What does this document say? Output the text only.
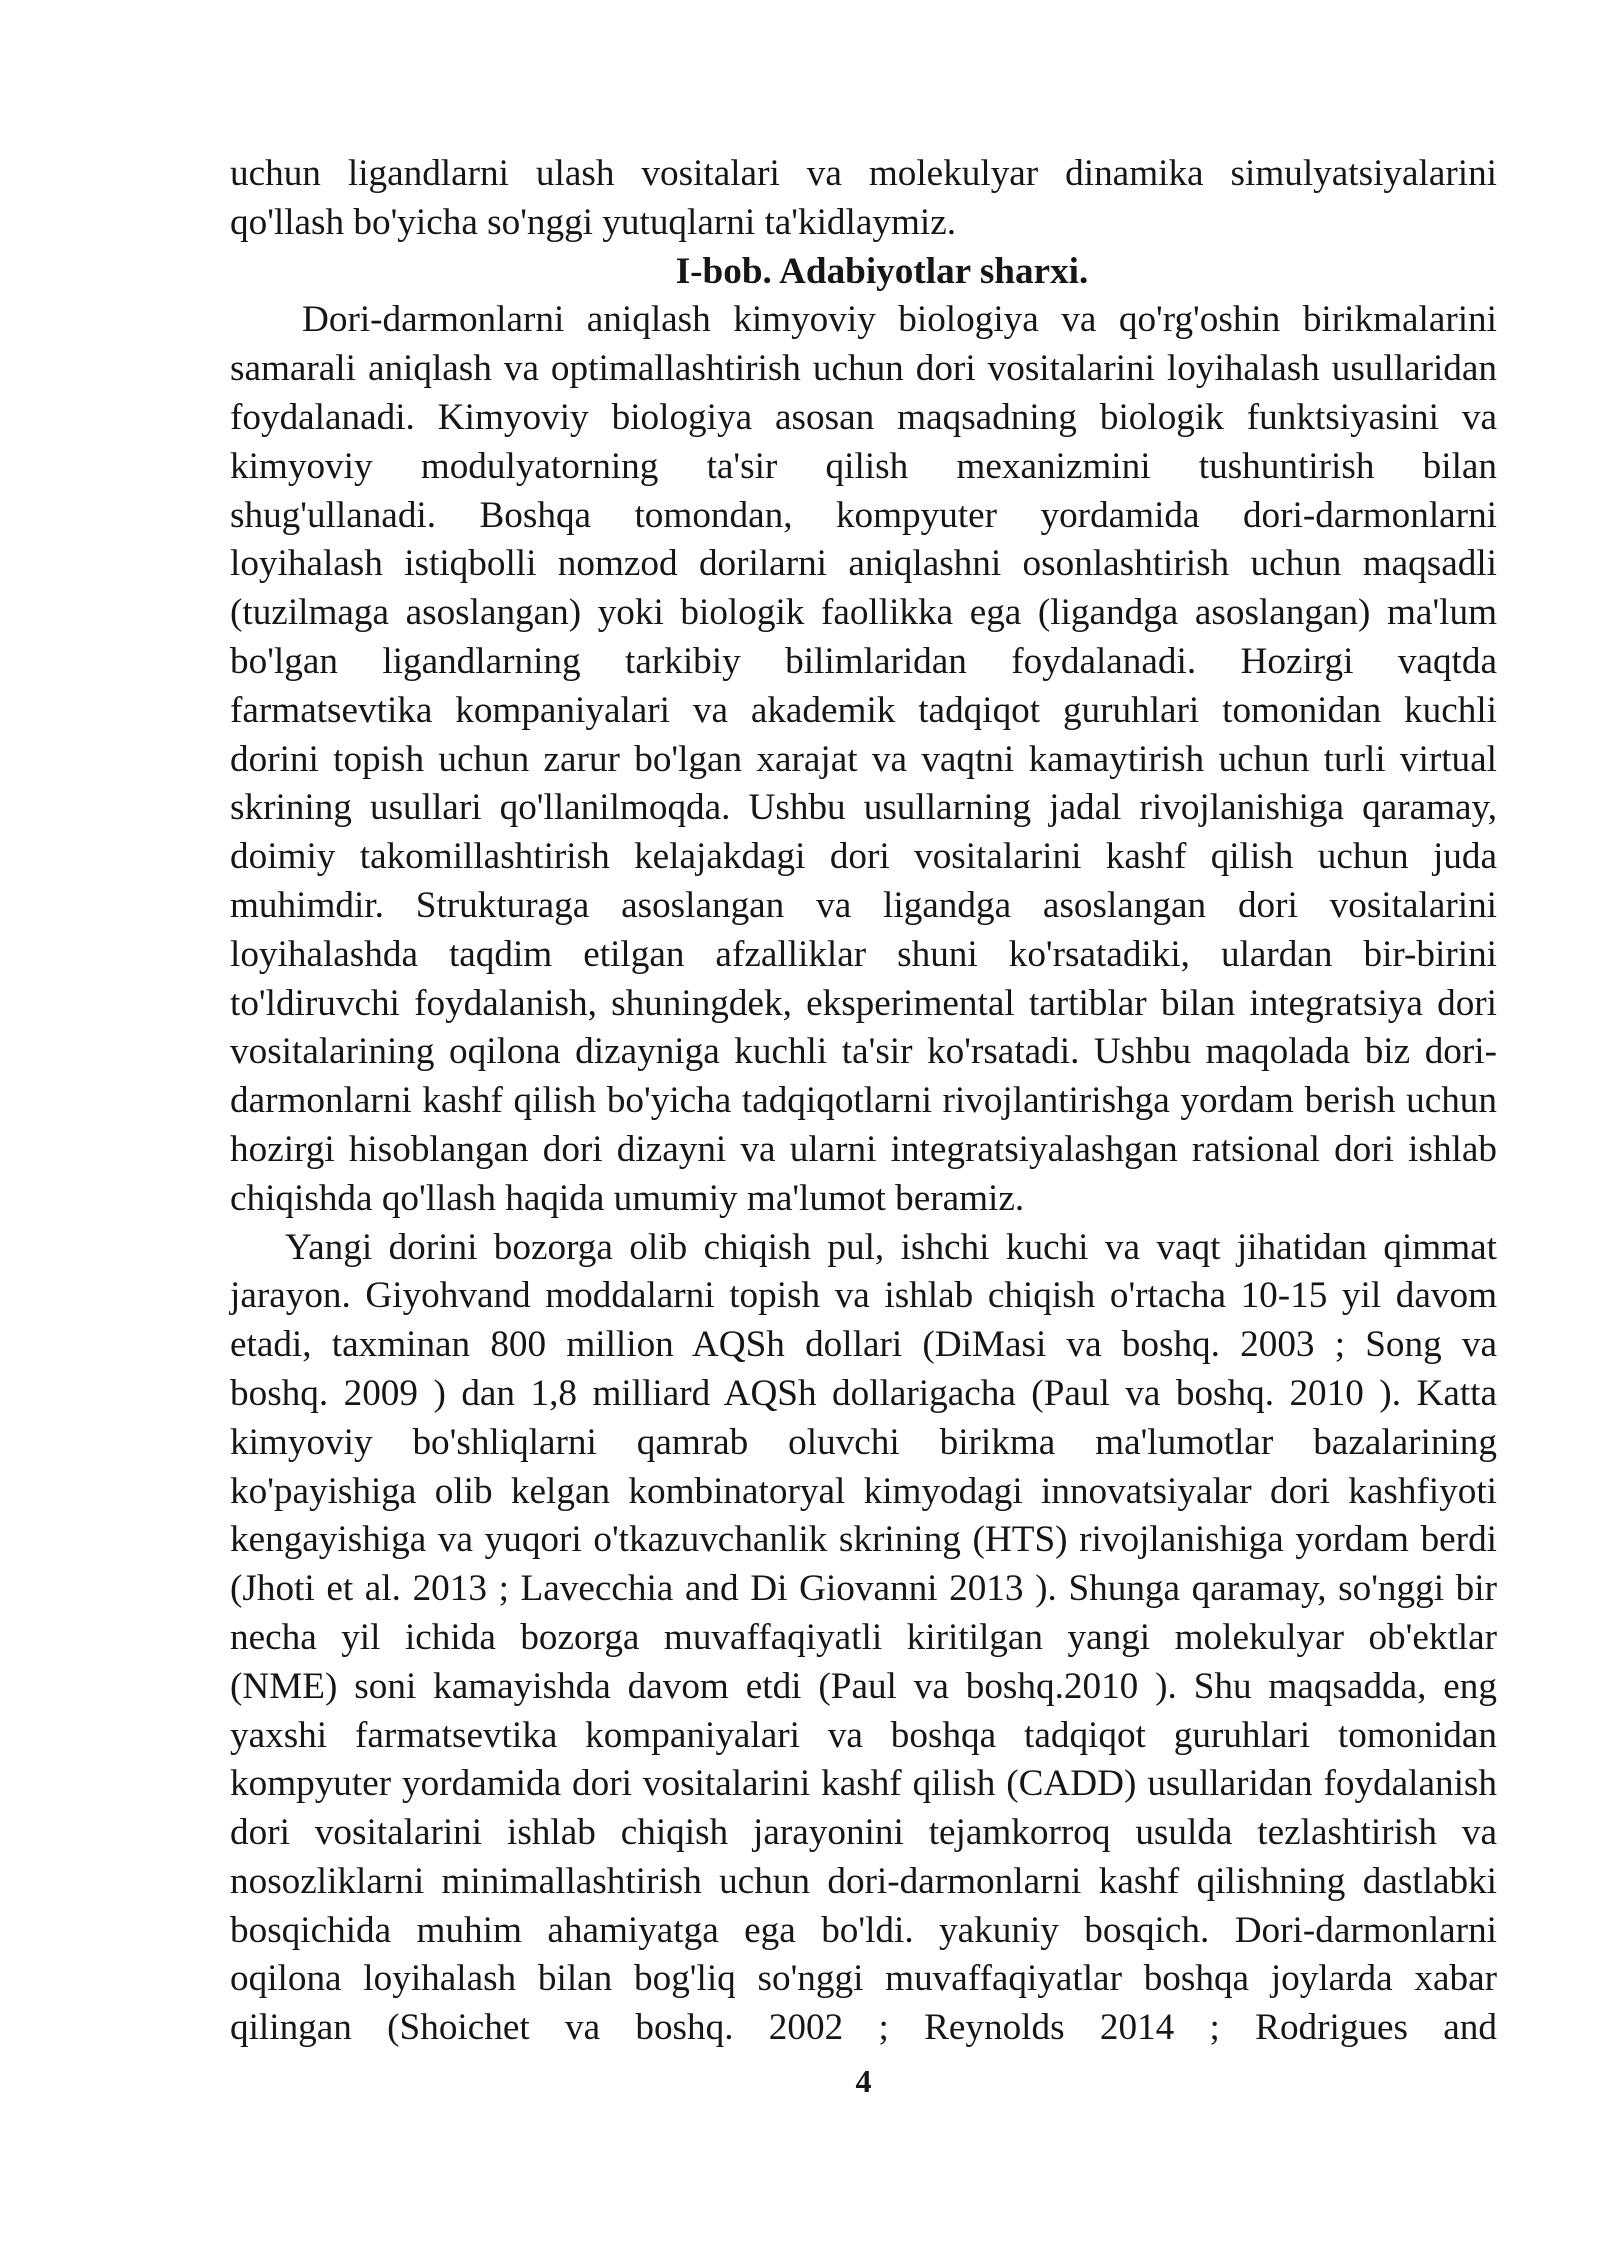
uchun ligandlarni ulash vositalari va molekulyar dinamika simulyatsiyalarini
qo'llash bo'yicha so'nggi yutuqlarni ta'kidlaymiz.
I-bob. Adabiyotlar sharxi.
Dori-darmonlarni aniqlash kimyoviy biologiya va qo'rg'oshin birikmalarini
samarali aniqlash va optimallashtirish uchun dori vositalarini loyihalash usullaridan
foydalanadi. Kimyoviy biologiya asosan maqsadning biologik funktsiyasini va
kimyoviy modulyatorning ta'sir qilish mexanizmini tushuntirish bilan
shug'ullanadi. Boshqa tomondan, kompyuter yordamida dori-darmonlarni
loyihalash istiqbolli nomzod dorilarni aniqlashni osonlashtirish uchun maqsadli
(tuzilmaga asoslangan) yoki biologik faollikka ega (ligandga asoslangan) ma'lum
bo'lgan ligandlarning tarkibiy bilimlaridan foydalanadi. Hozirgi vaqtda
farmatsevtika kompaniyalari va akademik tadqiqot guruhlari tomonidan kuchli
dorini topish uchun zarur bo'lgan xarajat va vaqtni kamaytirish uchun turli virtual
skrining usullari qo'llanilmoqda. Ushbu usullarning jadal rivojlanishiga qaramay,
doimiy takomillashtirish kelajakdagi dori vositalarini kashf qilish uchun juda
muhimdir. Strukturaga asoslangan va ligandga asoslangan dori vositalarini
loyihalashda taqdim etilgan afzalliklar shuni ko'rsatadiki, ulardan bir-birini
to'ldiruvchi foydalanish, shuningdek, eksperimental tartiblar bilan integratsiya dori
vositalarining oqilona dizayniga kuchli ta'sir ko'rsatadi. Ushbu maqolada biz dori-
darmonlarni kashf qilish bo'yicha tadqiqotlarni rivojlantirishga yordam berish uchun
hozirgi hisoblangan dori dizayni va ularni integratsiyalashgan ratsional dori ishlab
chiqishda qo'llash haqida umumiy ma'lumot beramiz.
Yangi dorini bozorga olib chiqish pul, ishchi kuchi va vaqt jihatidan qimmat
jarayon. Giyohvand moddalarni topish va ishlab chiqish o'rtacha 10-15 yil davom
etadi, taxminan 800 million AQSh dollari (DiMasi va boshq. 2003 ; Song va
boshq. 2009 ) dan 1,8 milliard AQSh dollarigacha (Paul va boshq. 2010 ). Katta
kimyoviy bo'shliqlarni qamrab oluvchi birikma ma'lumotlar bazalarining
ko'payishiga olib kelgan kombinatoryal kimyodagi innovatsiyalar dori kashfiyoti
kengayishiga va yuqori o'tkazuvchanlik skrining (HTS) rivojlanishiga yordam berdi
(Jhoti et al. 2013 ; Lavecchia and Di Giovanni 2013 ). Shunga qaramay, so'nggi bir
necha yil ichida bozorga muvaffaqiyatli kiritilgan yangi molekulyar ob'ektlar
(NME) soni kamayishda davom etdi (Paul va boshq.2010 ). Shu maqsadda, eng
yaxshi farmatsevtika kompaniyalari va boshqa tadqiqot guruhlari tomonidan
kompyuter yordamida dori vositalarini kashf qilish (CADD) usullaridan foydalanish
dori vositalarini ishlab chiqish jarayonini tejamkorroq usulda tezlashtirish va
nosozliklarni minimallashtirish uchun dori-darmonlarni kashf qilishning dastlabki
bosqichida muhim ahamiyatga ega bo'ldi. yakuniy bosqich. Dori-darmonlarni
oqilona loyihalash bilan bog'liq so'nggi muvaffaqiyatlar boshqa joylarda xabar
qilingan (Shoichet va boshq. 2002 ; Reynolds 2014 ; Rodrigues and
4
